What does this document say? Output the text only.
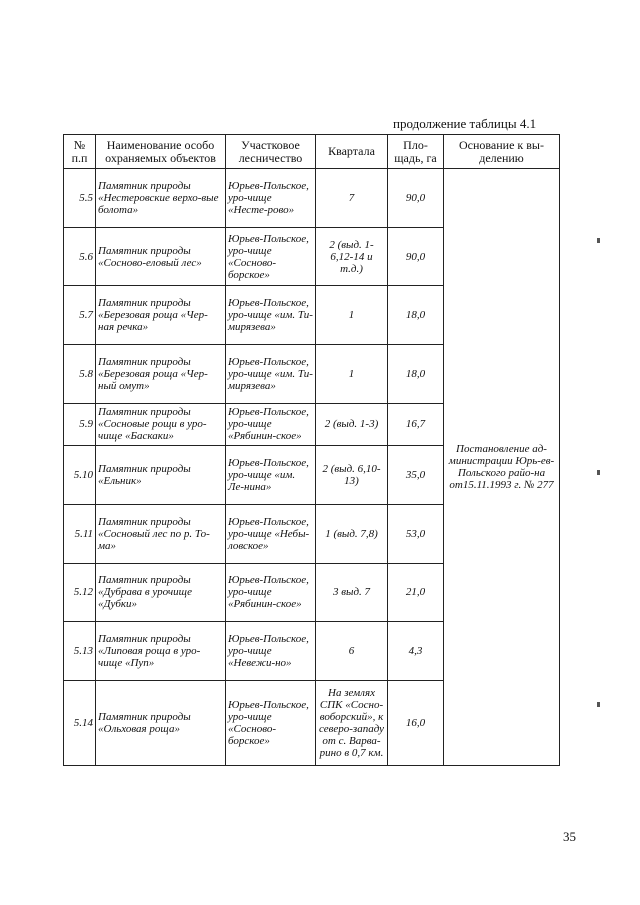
продолжение таблицы 4.1
№ п.п	Наименование особо охраняемых объектов	Участковое лесничество	Квартала	Пло-щадь, га	Основание к вы-делению
5.5	Памятник природы «Нестеровские верхо-вые болота»	Юрьев-Польское, уро-чище «Несте-рово»	7	90,0	Постановление ад-министрации Юрь-ев- Польского райо-на от15.11.1993 г. № 277
5.6	Памятник природы «Сосново-еловый лес»	Юрьев-Польское, уро-чище «Сосново-борское»	2 (выд. 1-6,12-14 и т.д.)	90,0	
5.7	Памятник природы «Березовая роща «Чер-ная речка»	Юрьев-Польское, уро-чище «им. Ти-мирязева»	1	18,0	
5.8	Памятник природы «Березовая роща «Чер-ный омут»	Юрьев-Польское, уро-чище «им. Ти-мирязева»	1	18,0	
5.9	Памятник природы «Сосновые рощи в уро-чище «Баскаки»	Юрьев-Польское, уро-чище «Рябинин-ское»	2 (выд. 1-3)	16,7	
5.10	Памятник природы «Ельник»	Юрьев-Польское, уро-чище «им. Ле-нина»	2 (выд. 6,10-13)	35,0	
5.11	Памятник природы «Сосновый лес по р. То-ма»	Юрьев-Польское, уро-чище «Небы-ловское»	1 (выд. 7,8)	53,0	
5.12	Памятник природы «Дубрава в урочище «Дубки»	Юрьев-Польское, уро-чище «Рябинин-ское»	3 выд. 7	21,0	
5.13	Памятник природы «Липовая роща в уро-чище «Пуп»	Юрьев-Польское, уро-чище «Невежи-но»	6	4,3	
5.14	Памятник природы «Ольховая роща»	Юрьев-Польское, уро-чище «Сосново-борское»	На землях СПК «Сосно-воборский», к северо-западу от с. Варва-рино в 0,7 км.	16,0	
35
